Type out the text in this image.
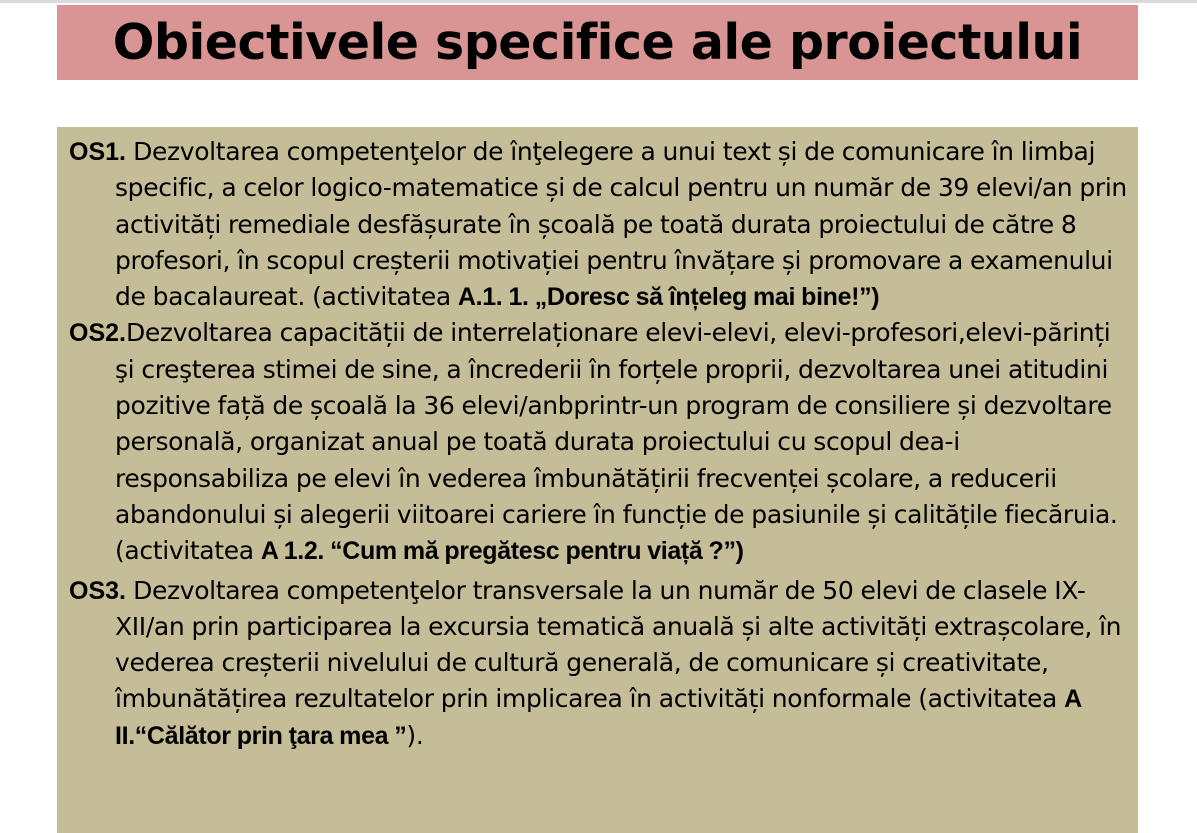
Obiectivele specifice ale proiectului
OS1. Dezvoltarea competenţelor de înţelegere a unui text și de comunicare în limbaj specific, a celor logico-matematice și de calcul pentru un număr de 39 elevi/an prin activități remediale desfășurate în școală pe toată durata proiectului de către 8 profesori, în scopul creșterii motivației pentru învățare și promovare a examenului de bacalaureat. (activitatea A.1. 1. „Doresc să înțeleg mai bine!”)
OS2.Dezvoltarea capacității de interrelaționare elevi-elevi, elevi-profesori,elevi-părinți şi creşterea stimei de sine, a încrederii în forțele proprii, dezvoltarea unei atitudini pozitive față de școală la 36 elevi/anbprintr-un program de consiliere și dezvoltare personală, organizat anual pe toată durata proiectului cu scopul dea-i responsabiliza pe elevi în vederea îmbunătățirii frecvenței școlare, a reducerii abandonului și alegerii viitoarei cariere în funcție de pasiunile și calitățile fiecăruia. (activitatea A 1.2. “Cum mă pregătesc pentru viață ?”)
OS3. Dezvoltarea competenţelor transversale la un număr de 50 elevi de clasele IX- XII/an prin participarea la excursia tematică anuală și alte activități extrașcolare, în vederea creșterii nivelului de cultură generală, de comunicare și creativitate, îmbunătățirea rezultatelor prin implicarea în activități nonformale (activitatea A II.“Călător prin ţara mea ”).
